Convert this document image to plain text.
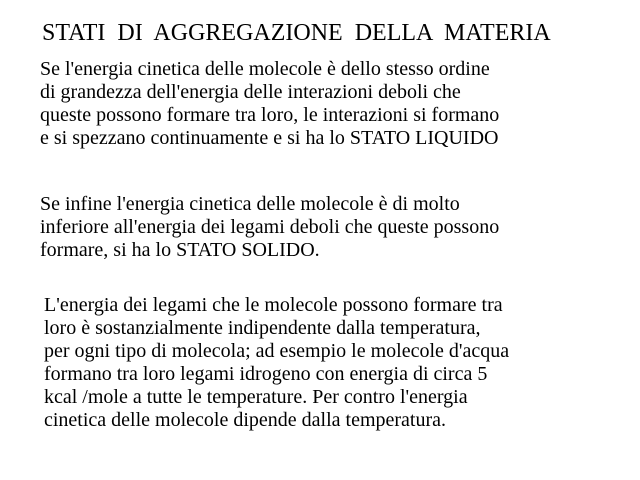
STATI  DI  AGGREGAZIONE  DELLA  MATERIA
Se l'energia cinetica delle molecole è dello stesso ordine
di grandezza dell'energia delle interazioni deboli che
queste possono formare tra loro, le interazioni si formano
e si spezzano continuamente e si ha lo STATO LIQUIDO
Se infine l'energia cinetica delle molecole è di molto
inferiore all'energia dei legami deboli che queste possono
formare, si ha lo STATO SOLIDO.
L'energia dei legami che le molecole possono formare tra
loro è sostanzialmente indipendente dalla temperatura,
per ogni tipo di molecola; ad esempio le molecole d'acqua
formano tra loro legami idrogeno con energia di circa 5
kcal /mole a tutte le temperature. Per contro l'energia
cinetica delle molecole dipende dalla temperatura.
